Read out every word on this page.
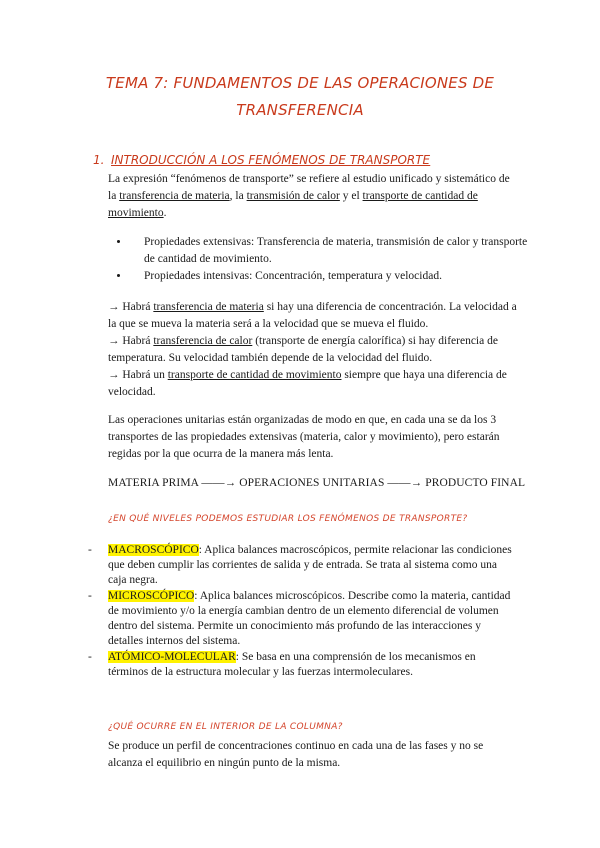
TEMA 7: FUNDAMENTOS DE LAS OPERACIONES DE
TRANSFERENCIA
1. INTRODUCCIÓN A LOS FENÓMENOS DE TRANSPORTE
La expresión “fenómenos de transporte” se refiere al estudio unificado y sistemático de la transferencia de materia, la transmisión de calor y el transporte de cantidad de movimiento.
• Propiedades extensivas: Transferencia de materia, transmisión de calor y transporte de cantidad de movimiento.
• Propiedades intensivas: Concentración, temperatura y velocidad.
→ Habrá transferencia de materia si hay una diferencia de concentración. La velocidad a la que se mueva la materia será a la velocidad que se mueva el fluido.
→ Habrá transferencia de calor (transporte de energía calorífica) si hay diferencia de temperatura. Su velocidad también depende de la velocidad del fluido.
→ Habrá un transporte de cantidad de movimiento siempre que haya una diferencia de velocidad.
Las operaciones unitarias están organizadas de modo en que, en cada una se da los 3 transportes de las propiedades extensivas (materia, calor y movimiento), pero estarán regidas por la que ocurra de la manera más lenta.
MATERIA PRIMA ——→ OPERACIONES UNITARIAS ——→ PRODUCTO FINAL
¿EN QUÉ NIVELES PODEMOS ESTUDIAR LOS FENÓMENOS DE TRANSPORTE?
- MACROSCÓPICO: Aplica balances macroscópicos, permite relacionar las condiciones que deben cumplir las corrientes de salida y de entrada. Se trata al sistema como una caja negra.
- MICROSCÓPICO: Aplica balances microscópicos. Describe como la materia, cantidad de movimiento y/o la energía cambian dentro de un elemento diferencial de volumen dentro del sistema. Permite un conocimiento más profundo de las interacciones y detalles internos del sistema.
- ATÓMICO-MOLECULAR: Se basa en una comprensión de los mecanismos en términos de la estructura molecular y las fuerzas intermoleculares.
¿QUÉ OCURRE EN EL INTERIOR DE LA COLUMNA?
Se produce un perfil de concentraciones continuo en cada una de las fases y no se alcanza el equilibrio en ningún punto de la misma.
